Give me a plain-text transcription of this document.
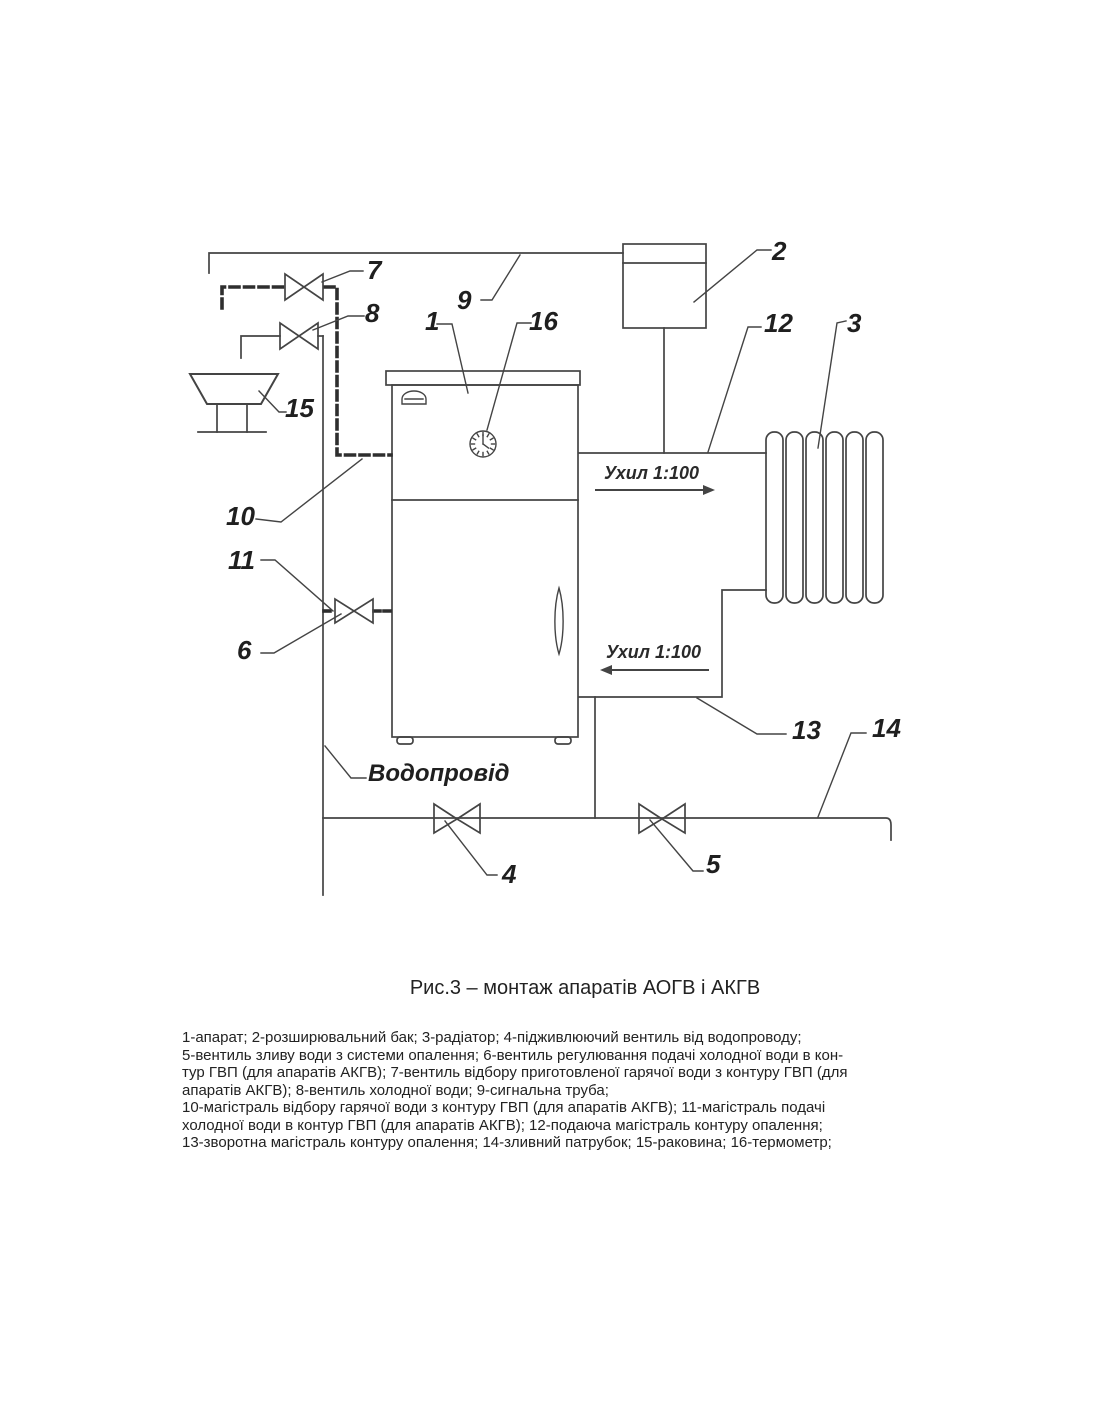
1
2
3
4	5
6
7
8	9
10
11
12
13 14
15
16
Водопровід
Ухил 1:100
Ухил 1:100
Рис.3 – монтаж апаратів АОГВ і АКГВ
1-апарат; 2-розширювальний бак; 3-радіатор; 4-підживлюючий вентиль від водопроводу;
5-вентиль зливу води з системи опалення; 6-вентиль регулювання подачі холодної води в кон-
тур ГВП (для апаратів АКГВ); 7-вентиль відбору приготовленої гарячої води з контуру ГВП (для
апаратів АКГВ); 8-вентиль холодної води; 9-сигнальна труба;
10-магістраль відбору гарячої води з контуру ГВП (для апаратів АКГВ); 11-магістраль подачі
холодної води в контур ГВП (для апаратів АКГВ); 12-подаюча магістраль контуру опалення;
13-зворотна магістраль контуру опалення; 14-зливний патрубок; 15-раковина; 16-термометр;
